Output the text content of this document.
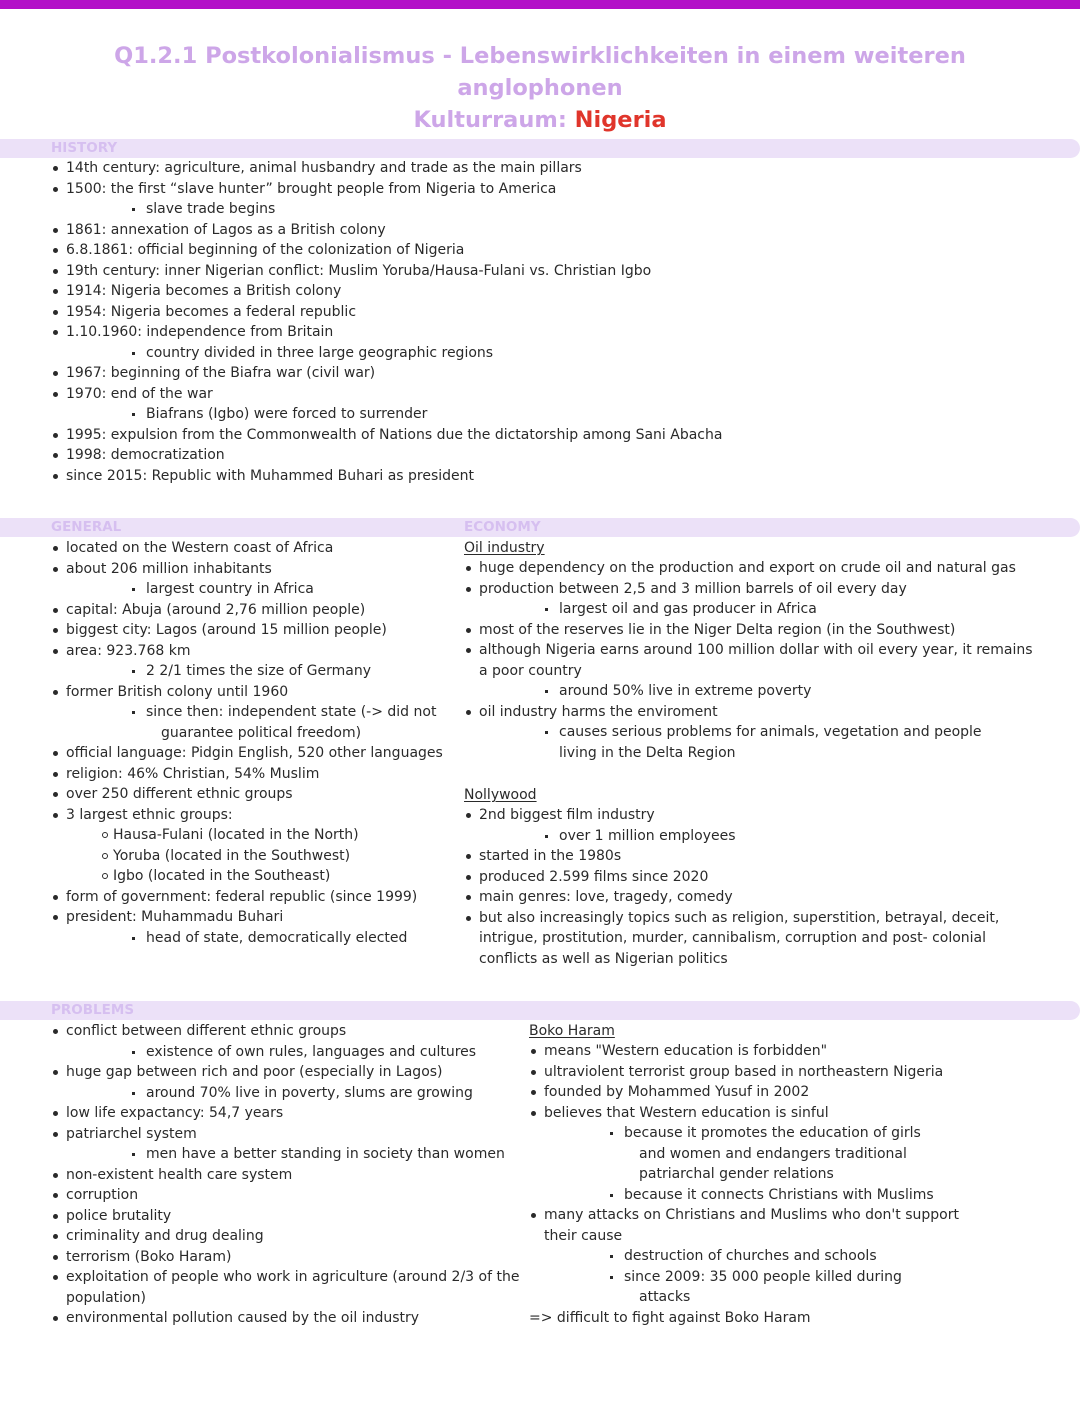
Q1.2.1 Postkolonialismus - Lebenswirklichkeiten in einem weiteren anglophonen
Kulturraum: Nigeria
HISTORY
14th century: agriculture, animal husbandry and trade as the main pillars
1500: the first “slave hunter” brought people from Nigeria to America
slave trade begins
1861: annexation of Lagos as a British colony
6.8.1861: official beginning of the colonization of Nigeria
19th century: inner Nigerian conflict: Muslim Yoruba/Hausa-Fulani vs. Christian Igbo
1914: Nigeria becomes a British colony
1954: Nigeria becomes a federal republic
1.10.1960: independence from Britain
country divided in three large geographic regions
1967: beginning of the Biafra war (civil war)
1970: end of the war
Biafrans (Igbo) were forced to surrender
1995: expulsion from the Commonwealth of Nations due the dictatorship among Sani Abacha
1998: democratization
since 2015: Republic with Muhammed Buhari as president
GENERAL	ECONOMY
located on the Western coast of Africa
about 206 million inhabitants
largest country in Africa
capital: Abuja (around 2,76 million people)
biggest city: Lagos (around 15 million people)
area: 923.768 km
2 2/1 times the size of Germany
former British colony until 1960
since then: independent state (-> did not
guarantee political freedom)
official language: Pidgin English, 520 other languages
religion: 46% Christian, 54% Muslim
over 250 different ethnic groups
3 largest ethnic groups:
Hausa-Fulani (located in the North)
Yoruba (located in the Southwest)
Igbo (located in the Southeast)
form of government: federal republic (since 1999)
president: Muhammadu Buhari
head of state, democratically elected
Oil industry
huge dependency on the production and export on crude oil and natural gas
production between 2,5 and 3 million barrels of oil every day
largest oil and gas producer in Africa
most of the reserves lie in the Niger Delta region (in the Southwest)
although Nigeria earns around 100 million dollar with oil every year, it remains
a poor country
around 50% live in extreme poverty
oil industry harms the enviroment
causes serious problems for animals, vegetation and people
living in the Delta Region
Nollywood
2nd biggest film industry
over 1 million employees
started in the 1980s
produced 2.599 films since 2020
main genres: love, tragedy, comedy
but also increasingly topics such as religion, superstition, betrayal, deceit,
intrigue, prostitution, murder, cannibalism, corruption and post- colonial
conflicts as well as Nigerian politics
PROBLEMS
conflict between different ethnic groups
existence of own rules, languages and cultures
huge gap between rich and poor (especially in Lagos)
around 70% live in poverty, slums are growing
low life expactancy: 54,7 years
patriarchel system
men have a better standing in society than women
non-existent health care system
corruption
police brutality
criminality and drug dealing
terrorism (Boko Haram)
exploitation of people who work in agriculture (around 2/3 of the
population)
environmental pollution caused by the oil industry
Boko Haram
means "Western education is forbidden"
ultraviolent terrorist group based in northeastern Nigeria
founded by Mohammed Yusuf in 2002
believes that Western education is sinful
because it promotes the education of girls
and women and endangers traditional
patriarchal gender relations
because it connects Christians with Muslims
many attacks on Christians and Muslims who don't support
their cause
destruction of churches and schools
since 2009: 35 000 people killed during
attacks
=> difficult to fight against Boko Haram
